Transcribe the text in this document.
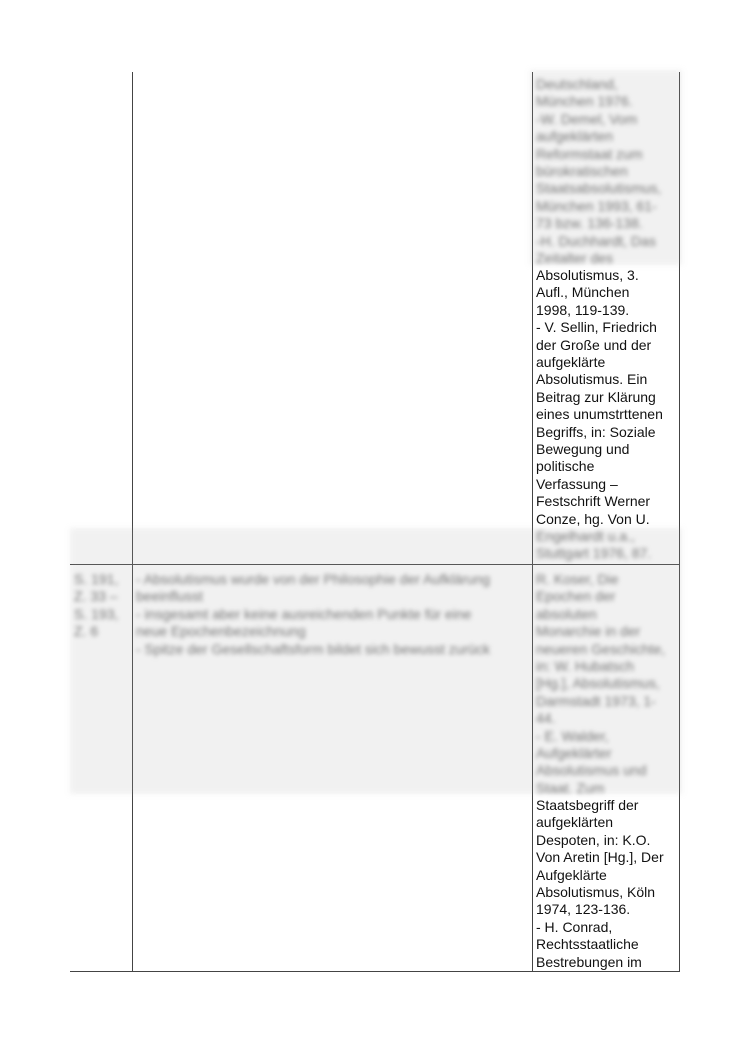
Deutschland,
München 1976.
-W. Demel, Vom
aufgeklärten
Reformstaat zum
bürokratischen
Staatsabsolutismus,
München 1993, 61-
73 bzw. 136-138.
-H. Duchhardt, Das
Zeitalter des
Absolutismus, 3.
Aufl., München
1998, 119-139.
- V. Sellin, Friedrich
der Große und der
aufgeklärte
Absolutismus. Ein
Beitrag zur Klärung
eines unumstrttenen
Begriffs, in: Soziale
Bewegung und
politische
Verfassung –
Festschrift Werner
Conze, hg. Von U.
Engelhardt u.a.,
Stuttgart 1976, 87.
S. 191,
Z. 33 –
S. 193,
Z. 6
- Absolutismus wurde von der Philosophie der Aufklärung
beeinflusst
- insgesamt aber keine ausreichenden Punkte für eine
neue Epochenbezeichnung
- Spitze der Gesellschaftsform bildet sich bewusst zurück
R. Koser, Die
Epochen der
absoluten
Monarchie in der
neueren Geschichte,
in: W. Hubatsch
[Hg.], Absolutismus,
Darmstadt 1973, 1-
44.
- E. Walder,
Aufgeklärter
Absolutismus und
Staat. Zum
Staatsbegriff der
aufgeklärten
Despoten, in: K.O.
Von Aretin [Hg.], Der
Aufgeklärte
Absolutismus, Köln
1974, 123-136.
- H. Conrad,
Rechtsstaatliche
Bestrebungen im
